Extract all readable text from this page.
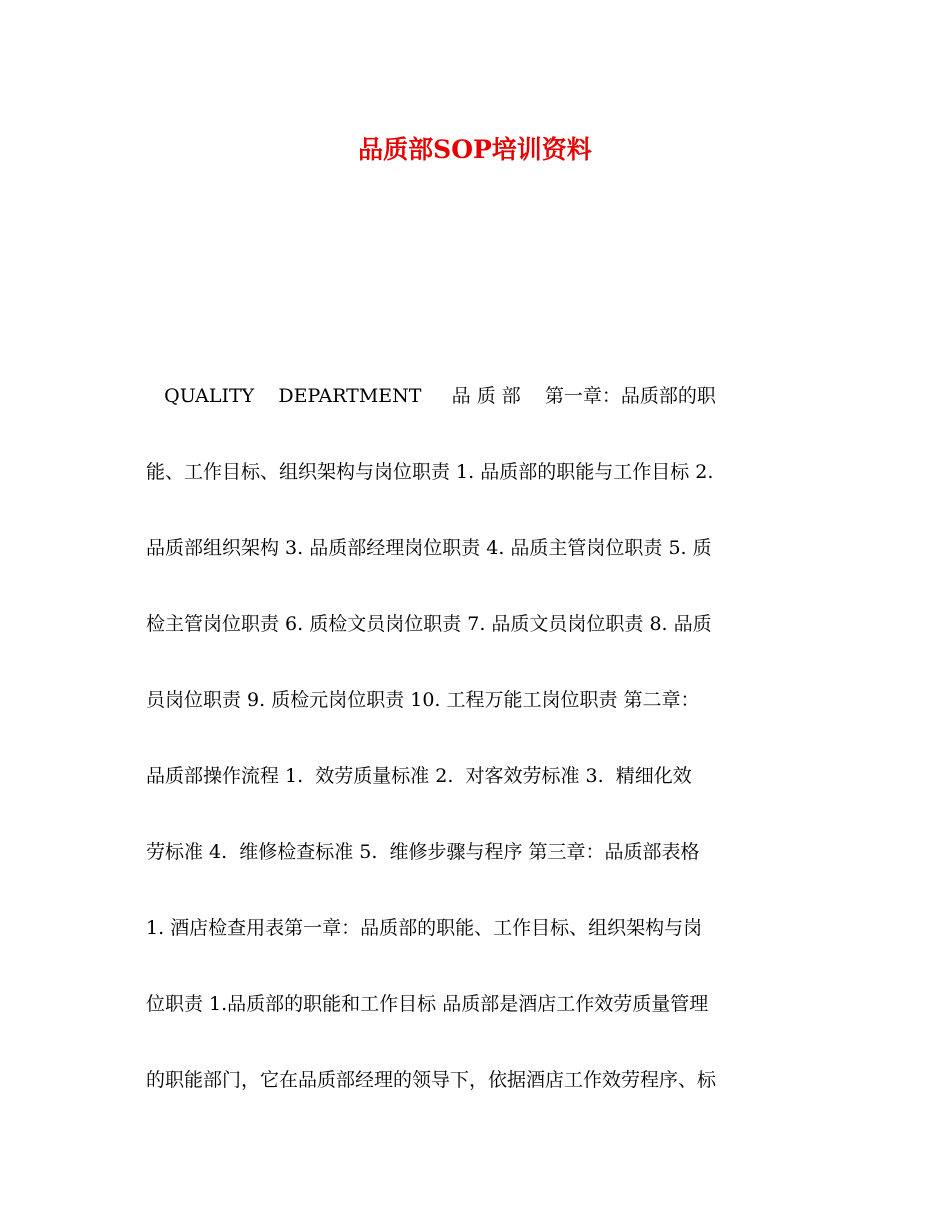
品质部SOP培训资料
QUALITY    DEPARTMENT     品 质 部    第一章：品质部的职
能、工作目标、组织架构与岗位职责 1. 品质部的职能与工作目标 2.
品质部组织架构 3. 品质部经理岗位职责 4. 品质主管岗位职责 5. 质
检主管岗位职责 6. 质检文员岗位职责 7. 品质文员岗位职责 8. 品质
员岗位职责 9. 质检元岗位职责 10. 工程万能工岗位职责 第二章：
品质部操作流程 1.  效劳质量标准 2.  对客效劳标准 3.  精细化效
劳标准 4.  维修检查标准 5.  维修步骤与程序 第三章：品质部表格
1. 酒店检查用表第一章：品质部的职能、工作目标、组织架构与岗
位职责 1.品质部的职能和工作目标 品质部是酒店工作效劳质量管理
的职能部门，它在品质部经理的领导下，依据酒店工作效劳程序、标
